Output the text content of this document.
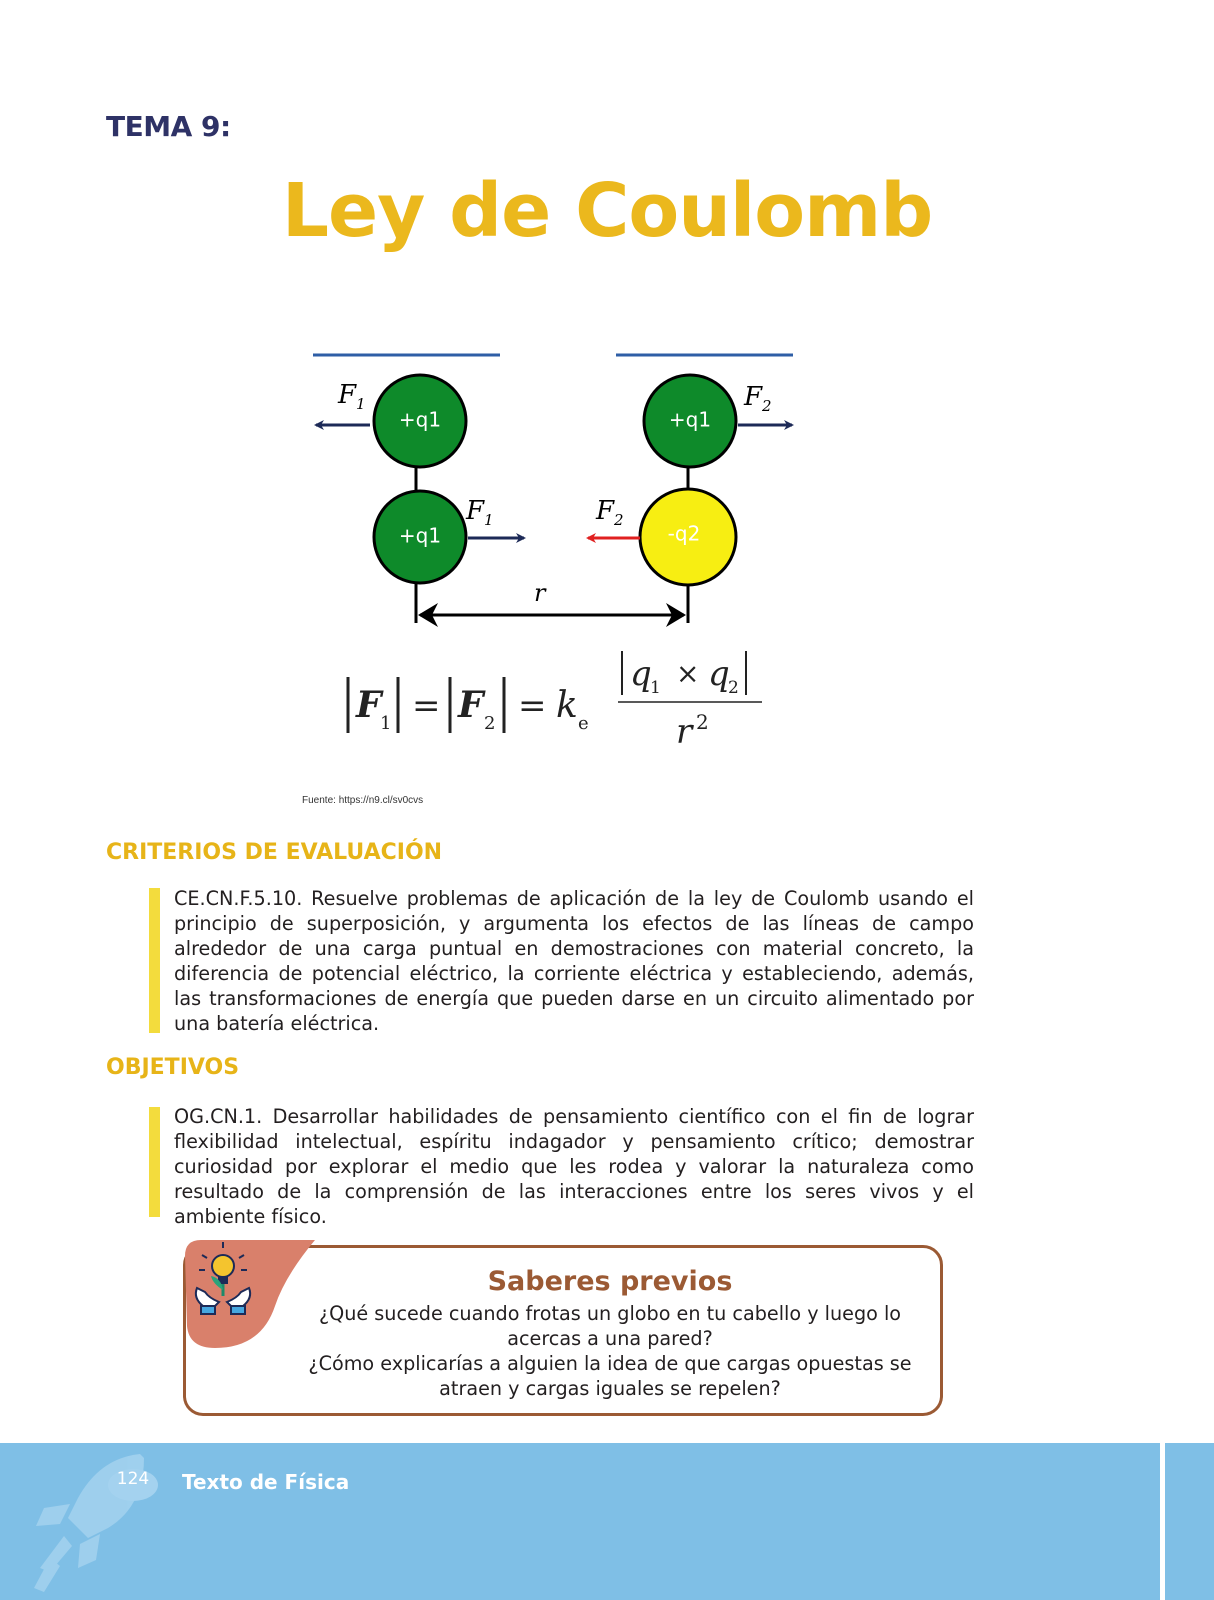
TEMA 9:
Ley de Coulomb
+q1	+q1
+q1	-q2
$F_1$	$F_2$
$F_1$	$F_2$
r
F
1 = F 2 = k e
q
1 × q
2
r 2
Fuente: https://n9.cl/sv0cvs
CRITERIOS DE EVALUACIÓN

CE.CN.F.5.10. Resuelve problemas de aplicación de la ley de Coulomb usando el principio de superposición, y argumenta los efectos de las líneas de campo alrededor de una carga puntual en demostraciones con material concreto, la diferencia de potencial eléctrico, la corriente eléctrica y estableciendo, además, las transformaciones de energía que pueden darse en un circuito alimentado por una batería eléctrica.

OBJETIVOS

OG.CN.1. Desarrollar habilidades de pensamiento científico con el fin de lograr flexibilidad intelectual, espíritu indagador y pensamiento crítico; demostrar curiosidad por explorar el medio que les rodea y valorar la naturaleza como resultado de la comprensión de las interacciones entre los seres vivos y el ambiente físico.

Saberes previos

¿Qué sucede cuando frotas un globo en tu cabello y luego lo acercas a una pared?

¿Cómo explicarías a alguien la idea de que cargas opuestas se atraen y cargas iguales se repelen?

124	Texto de Física
